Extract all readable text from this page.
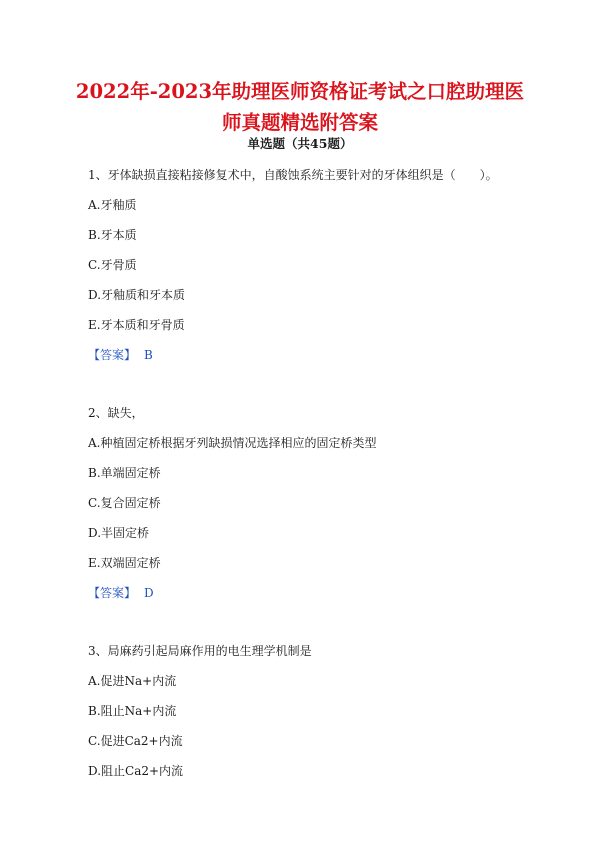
2022年-2023年助理医师资格证考试之口腔助理医
师真题精选附答案

单选题（共45题）

1、牙体缺损直接粘接修复术中，自酸蚀系统主要针对的牙体组织是（　　）。

A.牙釉质

B.牙本质

C.牙骨质

D.牙釉质和牙本质

E.牙本质和牙骨质

【答案】 B

2、缺失，

A.种植固定桥根据牙列缺损情况选择相应的固定桥类型

B.单端固定桥

C.复合固定桥

D.半固定桥

E.双端固定桥

【答案】 D

3、局麻药引起局麻作用的电生理学机制是

A.促进Na+内流

B.阻止Na+内流

C.促进Ca2+内流

D.阻止Ca2+内流
